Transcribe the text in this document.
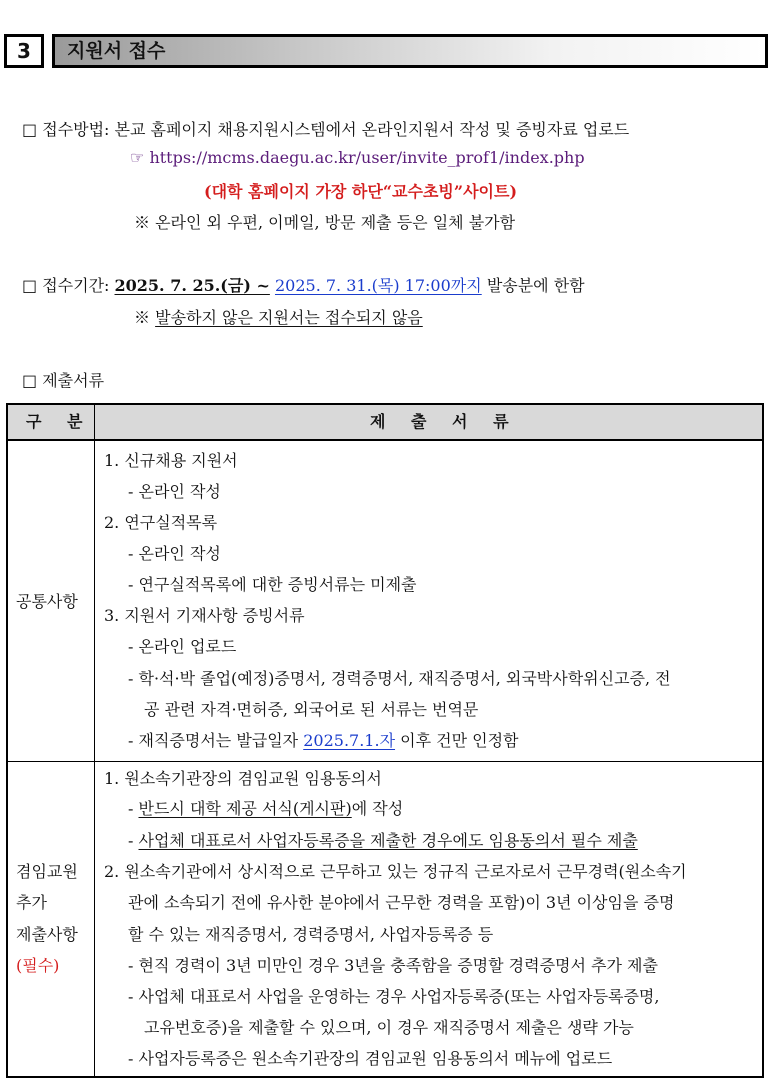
3	지원서 접수
□ 접수방법: 본교 홈페이지 채용지원시스템에서 온라인지원서 작성 및 증빙자료 업로드
☞ https://mcms.daegu.ac.kr/user/invite_prof1/index.php
(대학 홈페이지 가장 하단“교수초빙”사이트)
※ 온라인 외 우편, 이메일, 방문 제출 등은 일체 불가함
□ 접수기간: 2025. 7. 25.(금) ~ 2025. 7. 31.(목) 17:00까지 발송분에 한함
※ 발송하지 않은 지원서는 접수되지 않음
□ 제출서류
구 분	제 출 서 류
공통사항
1. 신규채용 지원서
- 온라인 작성
2. 연구실적목록
- 온라인 작성
- 연구실적목록에 대한 증빙서류는 미제출
3. 지원서 기재사항 증빙서류
- 온라인 업로드
- 학·석·박 졸업(예정)증명서, 경력증명서, 재직증명서, 외국박사학위신고증, 전
공 관련 자격·면허증, 외국어로 된 서류는 번역문
- 재직증명서는 발급일자 2025.7.1.자 이후 건만 인정함
겸임교원
추가
제출사항
(필수)
1. 원소속기관장의 겸임교원 임용동의서
- 반드시 대학 제공 서식(게시판)에 작성
- 사업체 대표로서 사업자등록증을 제출한 경우에도 임용동의서 필수 제출
2. 원소속기관에서 상시적으로 근무하고 있는 정규직 근로자로서 근무경력(원소속기
관에 소속되기 전에 유사한 분야에서 근무한 경력을 포함)이 3년 이상임을 증명
할 수 있는 재직증명서, 경력증명서, 사업자등록증 등
- 현직 경력이 3년 미만인 경우 3년을 충족함을 증명할 경력증명서 추가 제출
- 사업체 대표로서 사업을 운영하는 경우 사업자등록증(또는 사업자등록증명,
고유번호증)을 제출할 수 있으며, 이 경우 재직증명서 제출은 생략 가능
- 사업자등록증은 원소속기관장의 겸임교원 임용동의서 메뉴에 업로드
